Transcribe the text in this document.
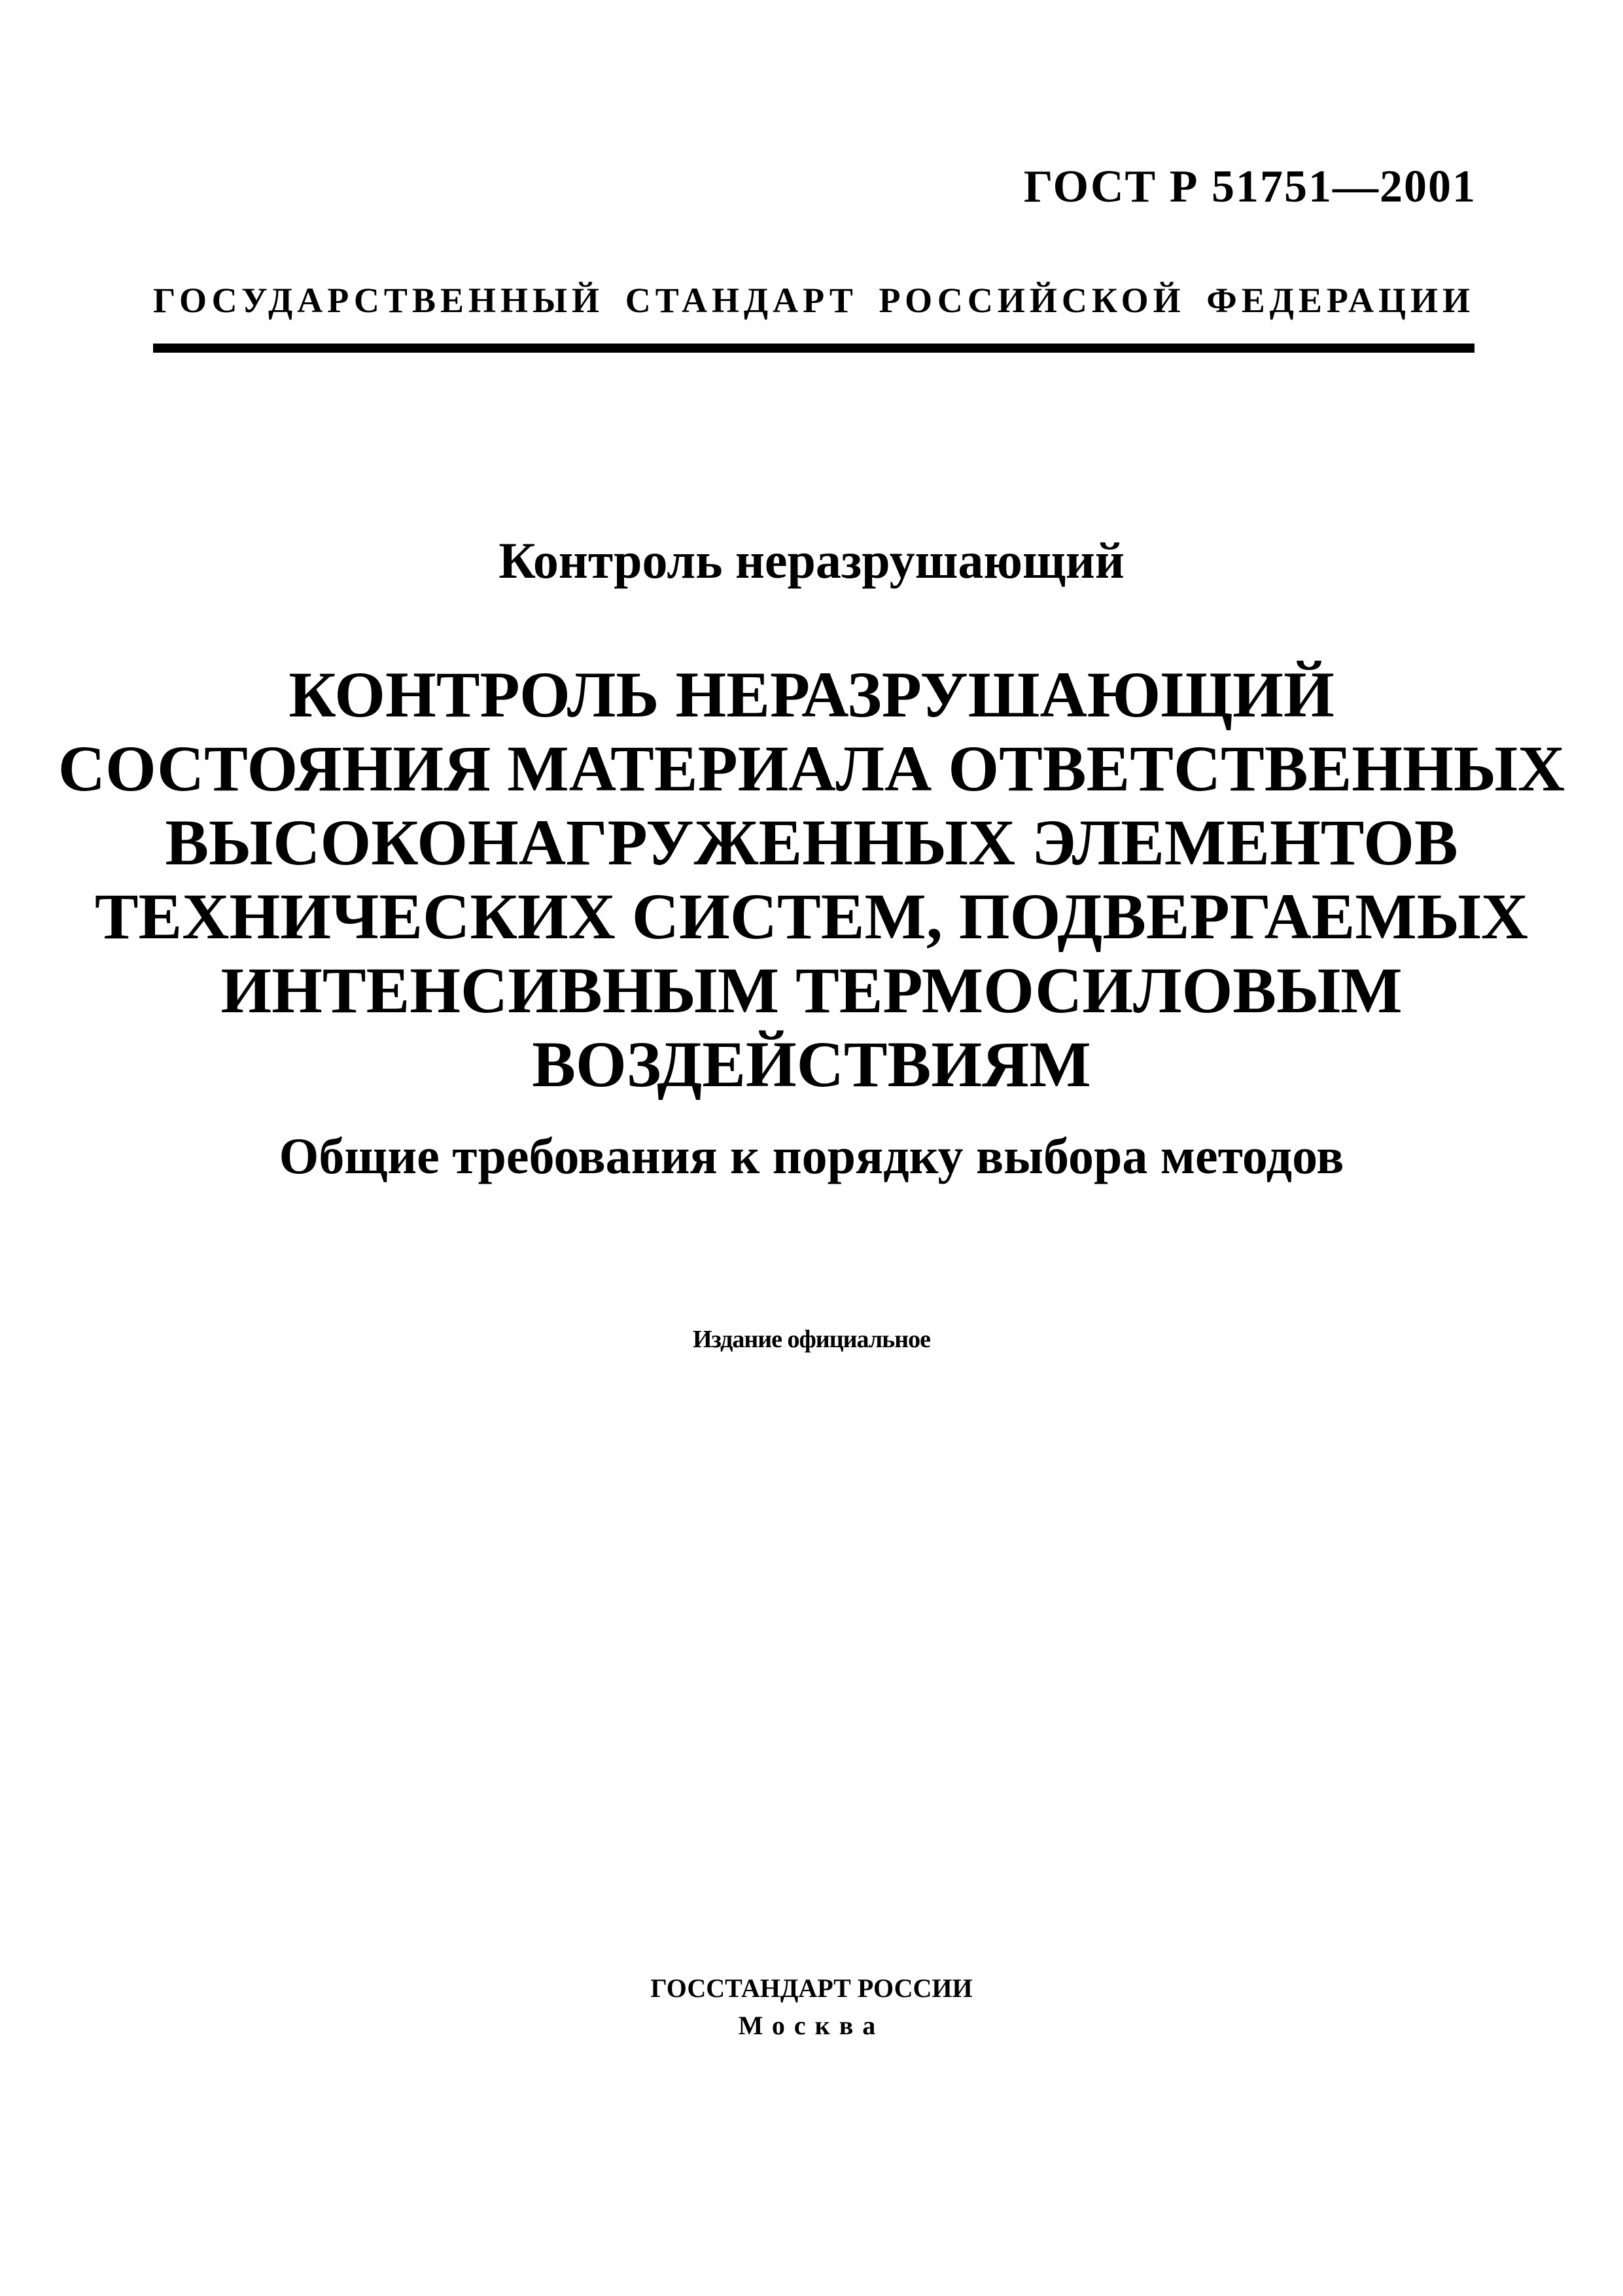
ГОСТ Р 51751—2001
ГОСУДАРСТВЕННЫЙ СТАНДАРТ РОССИЙСКОЙ ФЕДЕРАЦИИ
Контроль неразрушающий
КОНТРОЛЬ НЕРАЗРУШАЮЩИЙ
СОСТОЯНИЯ МАТЕРИАЛА ОТВЕТСТВЕННЫХ
ВЫСОКОНАГРУЖЕННЫХ ЭЛЕМЕНТОВ
ТЕХНИЧЕСКИХ СИСТЕМ, ПОДВЕРГАЕМЫХ
ИНТЕНСИВНЫМ ТЕРМОСИЛОВЫМ
ВОЗДЕЙСТВИЯМ
Общие требования к порядку выбора методов
Издание официальное
ГОССТАНДАРТ РОССИИ
Москва
